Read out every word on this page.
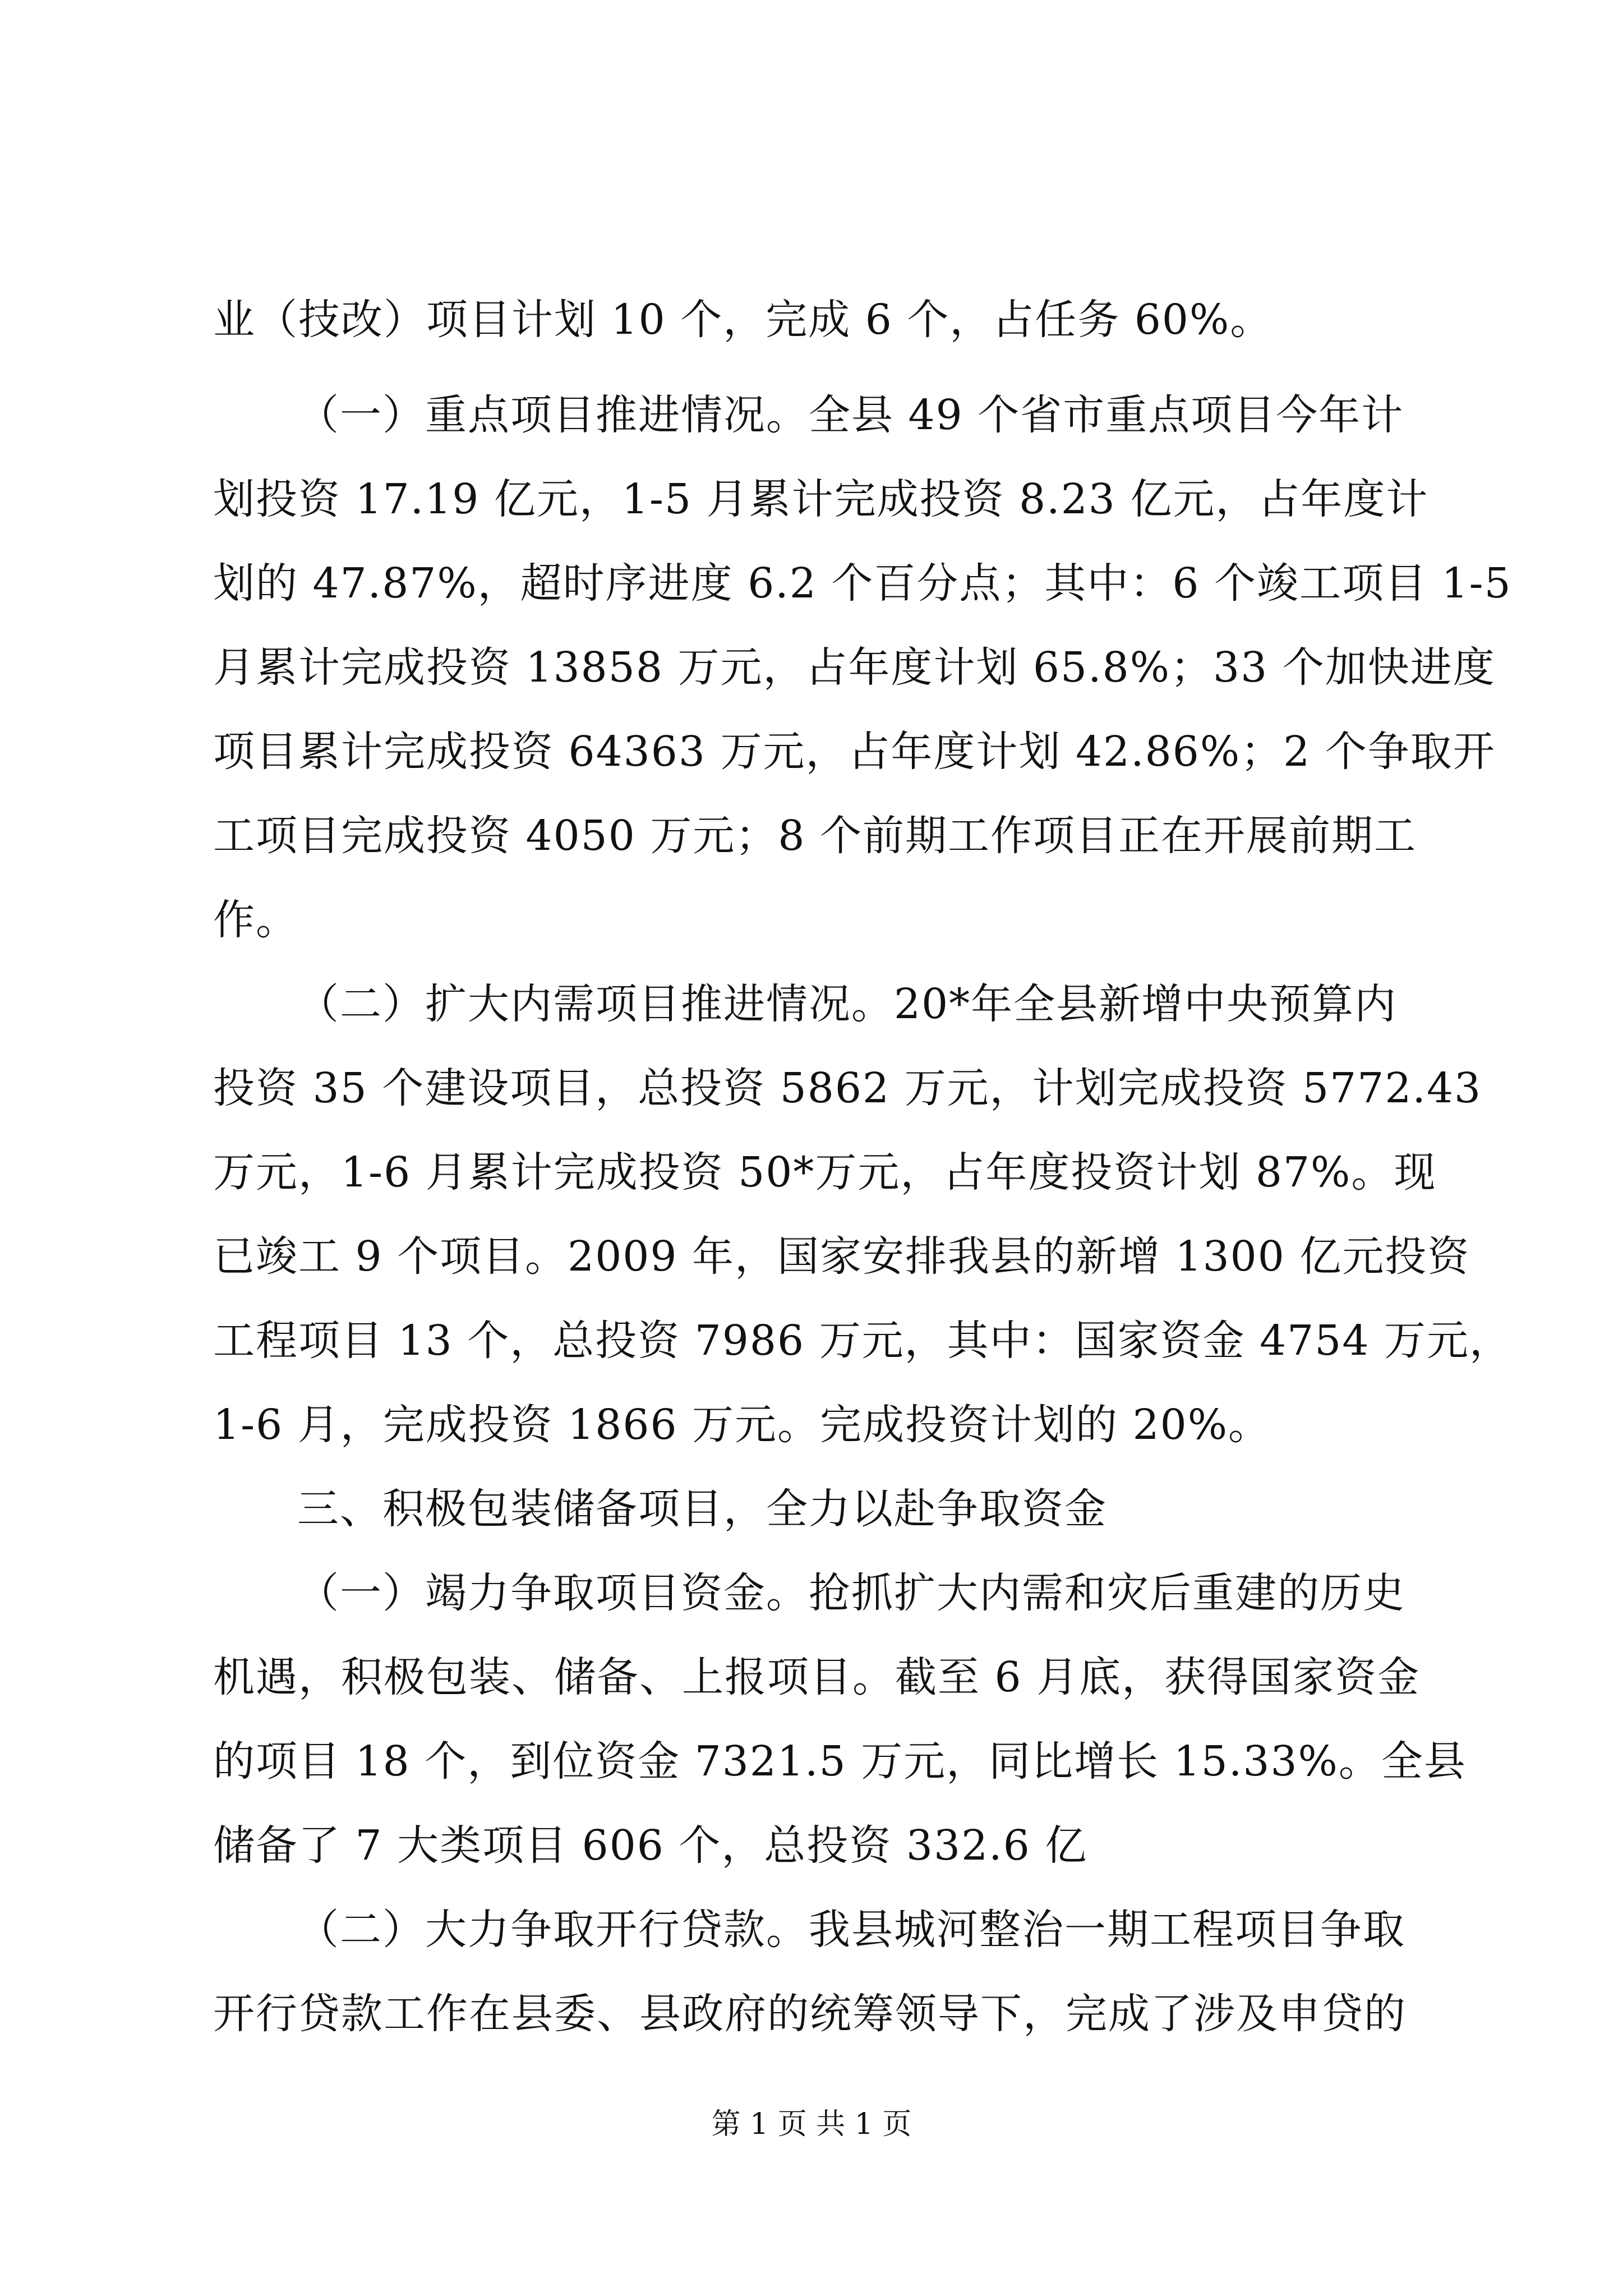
业（技改）项目计划 10 个，完成 6 个，占任务 60%。
（一）重点项目推进情况。全县 49 个省市重点项目今年计
划投资 17.19 亿元，1-5 月累计完成投资 8.23 亿元，占年度计
划的 47.87%，超时序进度 6.2 个百分点；其中：6 个竣工项目 1-5
月累计完成投资 13858 万元，占年度计划 65.8%；33 个加快进度
项目累计完成投资 64363 万元，占年度计划 42.86%；2 个争取开
工项目完成投资 4050 万元；8 个前期工作项目正在开展前期工
作。
（二）扩大内需项目推进情况。20*年全县新增中央预算内
投资 35 个建设项目，总投资 5862 万元，计划完成投资 5772.43
万元，1-6 月累计完成投资 50*万元，占年度投资计划 87%。现
已竣工 9 个项目。2009 年，国家安排我县的新增 1300 亿元投资
工程项目 13 个，总投资 7986 万元，其中：国家资金 4754 万元，
1-6 月，完成投资 1866 万元。完成投资计划的 20%。
三、积极包装储备项目，全力以赴争取资金
（一）竭力争取项目资金。抢抓扩大内需和灾后重建的历史
机遇，积极包装、储备、上报项目。截至 6 月底，获得国家资金
的项目 18 个，到位资金 7321.5 万元，同比增长 15.33%。全县
储备了 7 大类项目 606 个，总投资 332.6 亿
（二）大力争取开行贷款。我县城河整治一期工程项目争取
开行贷款工作在县委、县政府的统筹领导下，完成了涉及申贷的
第 1 页 共 1 页
